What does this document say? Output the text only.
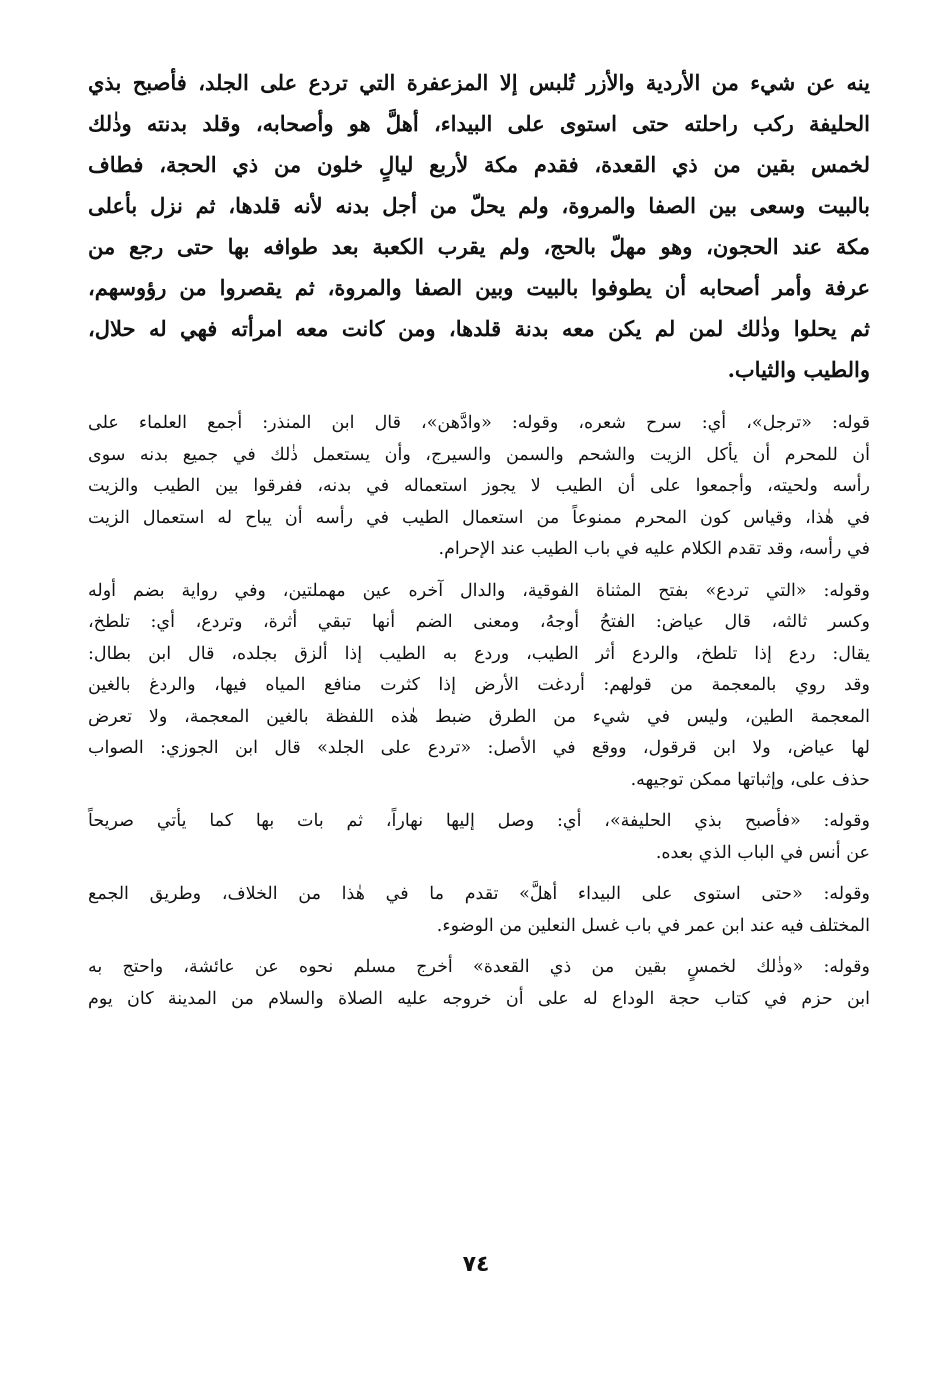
ينه عن شيء من الأردية والأزر تُلبس إلا المزعفرة التي تردع على الجلد، فأصبح بذي
الحليفة ركب راحلته حتى استوى على البيداء، أهلَّ هو وأصحابه، وقلد بدنته وذٰلك
لخمس بقين من ذي القعدة، فقدم مكة لأربع ليالٍ خلون من ذي الحجة، فطاف
بالبيت وسعى بين الصفا والمروة، ولم يحلّ من أجل بدنه لأنه قلدها، ثم نزل بأعلى
مكة عند الحجون، وهو مهلّ بالحج، ولم يقرب الكعبة بعد طوافه بها حتى رجع من
عرفة وأمر أصحابه أن يطوفوا بالبيت وبين الصفا والمروة، ثم يقصروا من رؤوسهم،
ثم يحلوا وذٰلك لمن لم يكن معه بدنة قلدها، ومن كانت معه امرأته فهي له حلال،
والطيب والثياب.
قوله: «ترجل»، أي: سرح شعره، وقوله: «وادَّهن»، قال ابن المنذر: أجمع العلماء على
أن للمحرم أن يأكل الزيت والشحم والسمن والسيرج، وأن يستعمل ذٰلك في جميع بدنه سوى
رأسه ولحيته، وأجمعوا على أن الطيب لا يجوز استعماله في بدنه، ففرقوا بين الطيب والزيت
في هٰذا، وقياس كون المحرم ممنوعاً من استعمال الطيب في رأسه أن يباح له استعمال الزيت
في رأسه، وقد تقدم الكلام عليه في باب الطيب عند الإحرام.
وقوله: «التي تردع» بفتح المثناة الفوقية، والدال آخره عين مهملتين، وفي رواية بضم أوله
وكسر ثالثه، قال عياض: الفتحُ أوجهُ، ومعنى الضم أنها تبقي أثرة، وتردع، أي: تلطخ،
يقال: ردع إذا تلطخ، والردع أثر الطيب، وردع به الطيب إذا ألزق بجلده، قال ابن بطال:
وقد روي بالمعجمة من قولهم: أردغت الأرض إذا كثرت منافع المياه فيها، والردغ بالغين
المعجمة الطين، وليس في شيء من الطرق ضبط هٰذه اللفظة بالغين المعجمة، ولا تعرض
لها عياض، ولا ابن قرقول، ووقع في الأصل: «تردع على الجلد» قال ابن الجوزي: الصواب
حذف على، وإثباتها ممكن توجيهه.
وقوله: «فأصبح بذي الحليفة»، أي: وصل إليها نهاراً، ثم بات بها كما يأتي صريحاً
عن أنس في الباب الذي بعده.
وقوله: «حتى استوى على البيداء أهلَّ» تقدم ما في هٰذا من الخلاف، وطريق الجمع
المختلف فيه عند ابن عمر في باب غسل النعلين من الوضوء.
وقوله: «وذٰلك لخمسٍ بقين من ذي القعدة» أخرج مسلم نحوه عن عائشة، واحتج به
ابن حزم في كتاب حجة الوداع له على أن خروجه عليه الصلاة والسلام من المدينة كان يوم
٧٤
